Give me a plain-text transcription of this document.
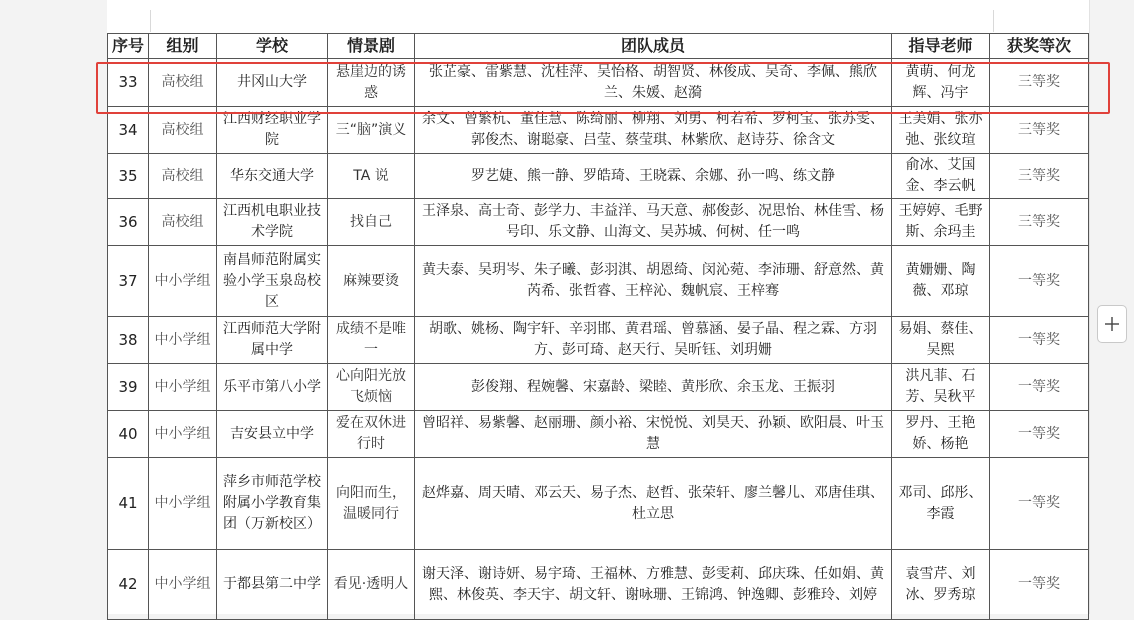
序号	组别	学校	情景剧	团队成员	指导老师	获奖等次
33	高校组	井冈山大学	悬崖边的诱惑	张芷豪、雷紫慧、沈桂萍、吴怡格、胡智贤、林俊成、吴奇、李佩、熊欣兰、朱媛、赵漪	黄萌、何龙辉、冯宇	三等奖
34	高校组	江西财经职业学院	三“脑”演义	余文、曾繁杭、董佳慧、陈绮丽、柳翔、刘勇、柯若希、罗柯宝、张苏雯、郭俊杰、谢聪豪、吕莹、蔡莹琪、林紫欣、赵诗芬、徐含文	王美娟、张亦弛、张纹瑄	三等奖
35	高校组	华东交通大学	TA 说	罗艺婕、熊一静、罗皓琦、王晓霖、余娜、孙一鸣、练文静	俞冰、艾国金、李云帆	三等奖
36	高校组	江西机电职业技术学院	找自己	王泽泉、高士奇、彭学力、丰益洋、马天意、郝俊彭、况思怡、林佳雪、杨号印、乐文静、山海文、吴苏城、何树、任一鸣	王婷婷、毛野斯、余玛圭	三等奖
37	中小学组	南昌师范附属实验小学玉泉岛校区	麻辣要烫	黄夫泰、吴玥岑、朱子曦、彭羽淇、胡恩绮、闵沁菀、李沛珊、舒意然、黄芮希、张哲睿、王梓沁、魏帆宸、王梓骞	黄姗姗、陶薇、邓琼	一等奖
38	中小学组	江西师范大学附属中学	成绩不是唯一	胡歌、姚杨、陶宇轩、辛羽邯、黄君瑶、曾慕涵、晏子晶、程之霖、方羽方、彭可琦、赵天行、吴昕钰、刘玥姗	易娟、蔡佳、吴熙	一等奖
39	中小学组	乐平市第八小学	心向阳光放飞烦恼	彭俊翔、程婉馨、宋嘉龄、梁睦、黄彤欣、余玉龙、王振羽	洪凡菲、石芳、吴秋平	一等奖
40	中小学组	吉安县立中学	爱在双休进行时	曾昭祥、易紫馨、赵丽珊、颜小裕、宋悦悦、刘昊天、孙颖、欧阳晨、叶玉慧	罗丹、王艳娇、杨艳	一等奖
41	中小学组	萍乡市师范学校附属小学教育集团（万新校区）	向阳而生，温暖同行	赵烨嘉、周天晴、邓云天、易子杰、赵哲、张荣轩、廖兰馨儿、邓唐佳琪、杜立思	邓司、邱彤、李霞	一等奖
42	中小学组	于都县第二中学	看见·透明人	谢天泽、谢诗妍、易宇琦、王福林、方雅慧、彭雯莉、邱庆珠、任如娟、黄熙、林俊英、李天宇、胡文轩、谢咏珊、王锦鸿、钟逸卿、彭雅玲、刘婷	袁雪芹、刘冰、罗秀琼	一等奖
